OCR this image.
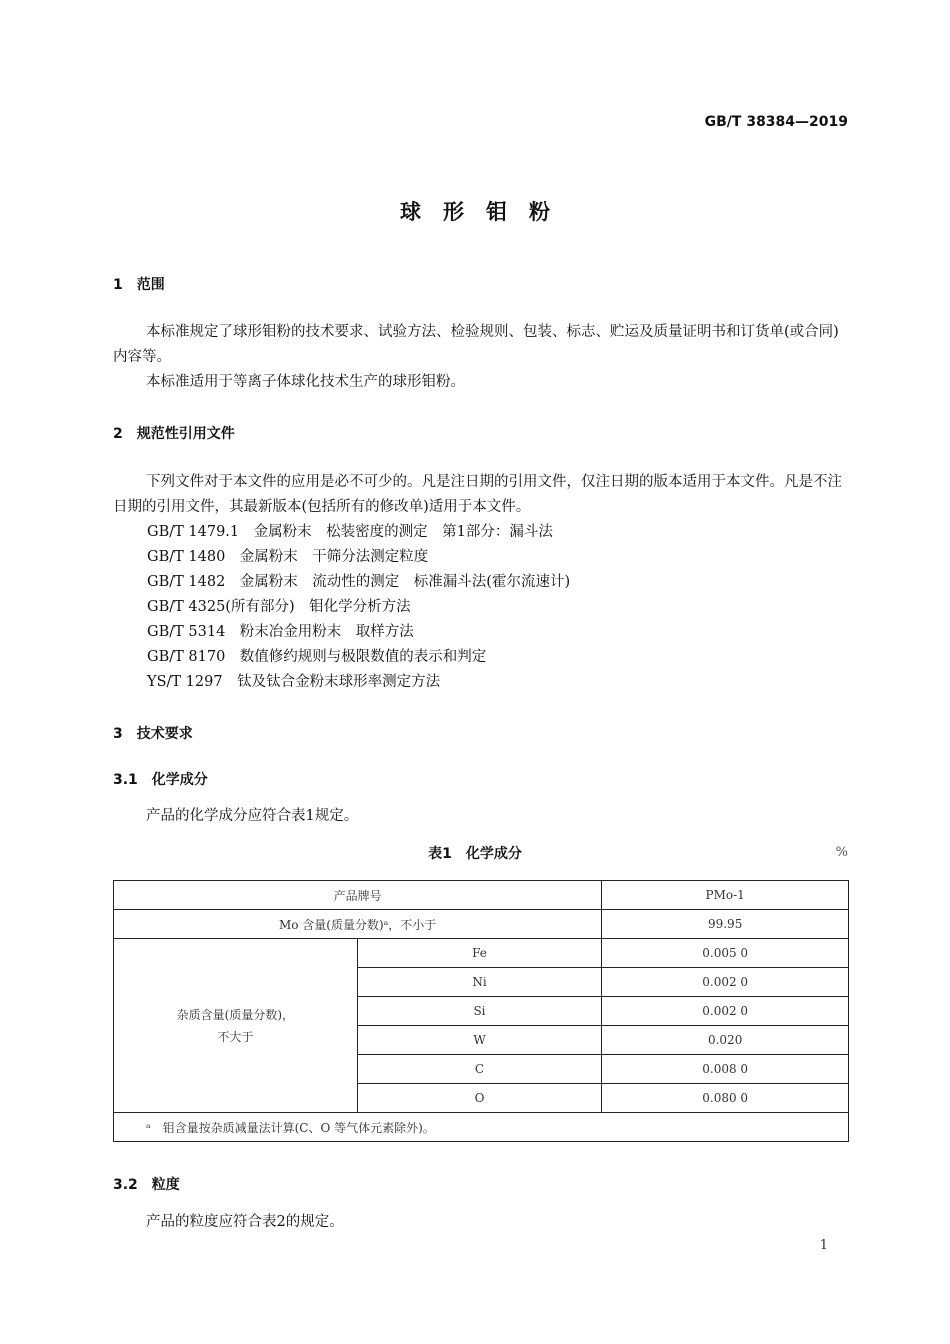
GB/T 38384—2019
球形钼粉
1　范围
本标准规定了球形钼粉的技术要求、试验方法、检验规则、包装、标志、贮运及质量证明书和订货单(或合同)内容等。
本标准适用于等离子体球化技术生产的球形钼粉。
2　规范性引用文件
下列文件对于本文件的应用是必不可少的。凡是注日期的引用文件，仅注日期的版本适用于本文件。凡是不注日期的引用文件，其最新版本(包括所有的修改单)适用于本文件。
GB/T 1479.1　金属粉末　松装密度的测定　第1部分：漏斗法
GB/T 1480　金属粉末　干筛分法测定粒度
GB/T 1482　金属粉末　流动性的测定　标准漏斗法(霍尔流速计)
GB/T 4325(所有部分)　钼化学分析方法
GB/T 5314　粉末冶金用粉末　取样方法
GB/T 8170　数值修约规则与极限数值的表示和判定
YS/T 1297　钛及钛合金粉末球形率测定方法
3　技术要求
3.1　化学成分
产品的化学成分应符合表1规定。
表1　化学成分	%
产品牌号		PMo-1
Mo 含量(质量分数)ᵃ，不小于		99.95
杂质含量(质量分数)，
不大于	Fe	0.005 0
	Ni	0.002 0
	Si	0.002 0
	W	0.020
	C	0.008 0
	O	0.080 0
ᵃ　钼含量按杂质减量法计算(C、O 等气体元素除外)。		
3.2　粒度
产品的粒度应符合表2的规定。
1
